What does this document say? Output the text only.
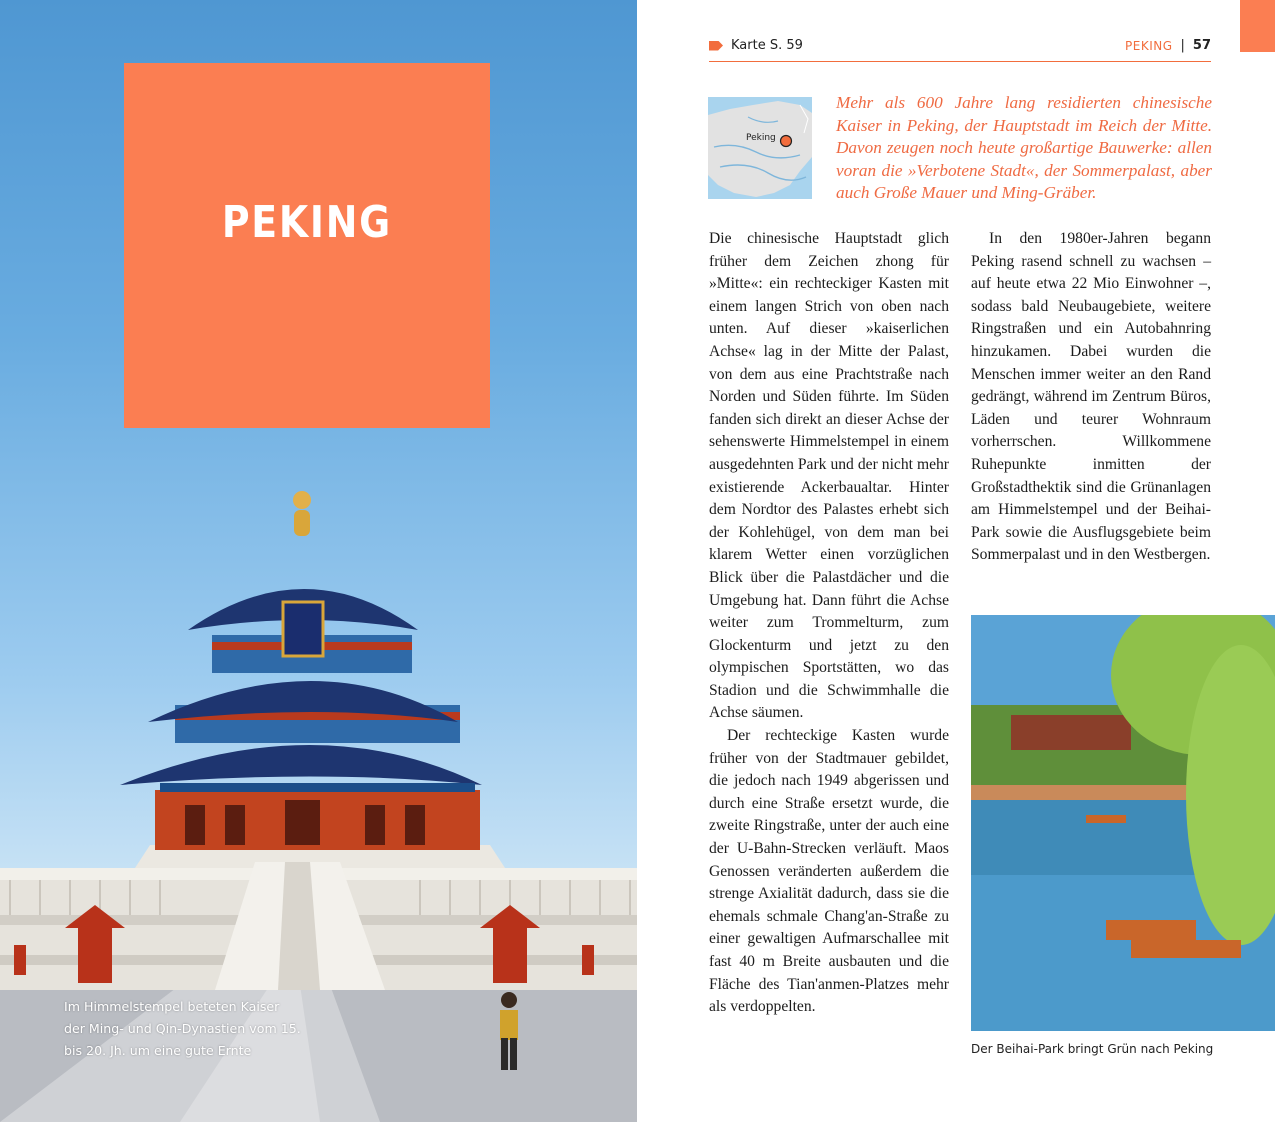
PEKING
Im Himmelstempel beteten Kaiser der Ming- und Qin-Dynastien vom 15. bis 20. Jh. um eine gute Ernte
Karte S. 59	PEKING | 57
Peking
Mehr als 600 Jahre lang residierten chinesische Kaiser in Peking, der Hauptstadt im Reich der Mitte. Davon zeugen noch heute großartige Bauwerke: allen voran die »Verbotene Stadt«, der Sommerpalast, aber auch Große Mauer und Ming-Gräber.

Die chinesische Hauptstadt glich früher dem Zeichen zhong für »Mitte«: ein rechteckiger Kasten mit einem langen Strich von oben nach unten. Auf dieser »kaiserlichen Achse« lag in der Mitte der Palast, von dem aus eine Prachtstraße nach Norden und Süden führte. Im Süden fanden sich direkt an dieser Achse der sehenswerte Himmelstempel in einem ausgedehnten Park und der nicht mehr existierende Ackerbaualtar. Hinter dem Nordtor des Palastes erhebt sich der Kohlehügel, von dem man bei klarem Wetter einen vorzüglichen Blick über die Palastdächer und die Umgebung hat. Dann führt die Achse weiter zum Trommelturm, zum Glockenturm und jetzt zu den olympischen Sportstätten, wo das Stadion und die Schwimmhalle die Achse säumen.

Der rechteckige Kasten wurde früher von der Stadtmauer gebildet, die jedoch nach 1949 abgerissen und durch eine Straße ersetzt wurde, die zweite Ringstraße, unter der auch eine der U-Bahn-Strecken verläuft. Maos Genossen veränderten außerdem die strenge Axialität dadurch, dass sie die ehemals schmale Chang'an-Straße zu einer gewaltigen Aufmarschallee mit fast 40 m Breite ausbauten und die Fläche des Tian'anmen-Platzes mehr als verdoppelten.

In den 1980er-Jahren begann Peking rasend schnell zu wachsen – auf heute etwa 22 Mio Einwohner –, sodass bald Neubaugebiete, weitere Ringstraßen und ein Autobahnring hinzukamen. Dabei wurden die Menschen immer weiter an den Rand gedrängt, während im Zentrum Büros, Läden und teurer Wohnraum vorherrschen. Willkommene Ruhepunkte inmitten der Großstadthektik sind die Grünanlagen am Himmelstempel und der Beihai-Park sowie die Ausflugsgebiete beim Sommerpalast und in den Westbergen.

Der Beihai-Park bringt Grün nach Peking
